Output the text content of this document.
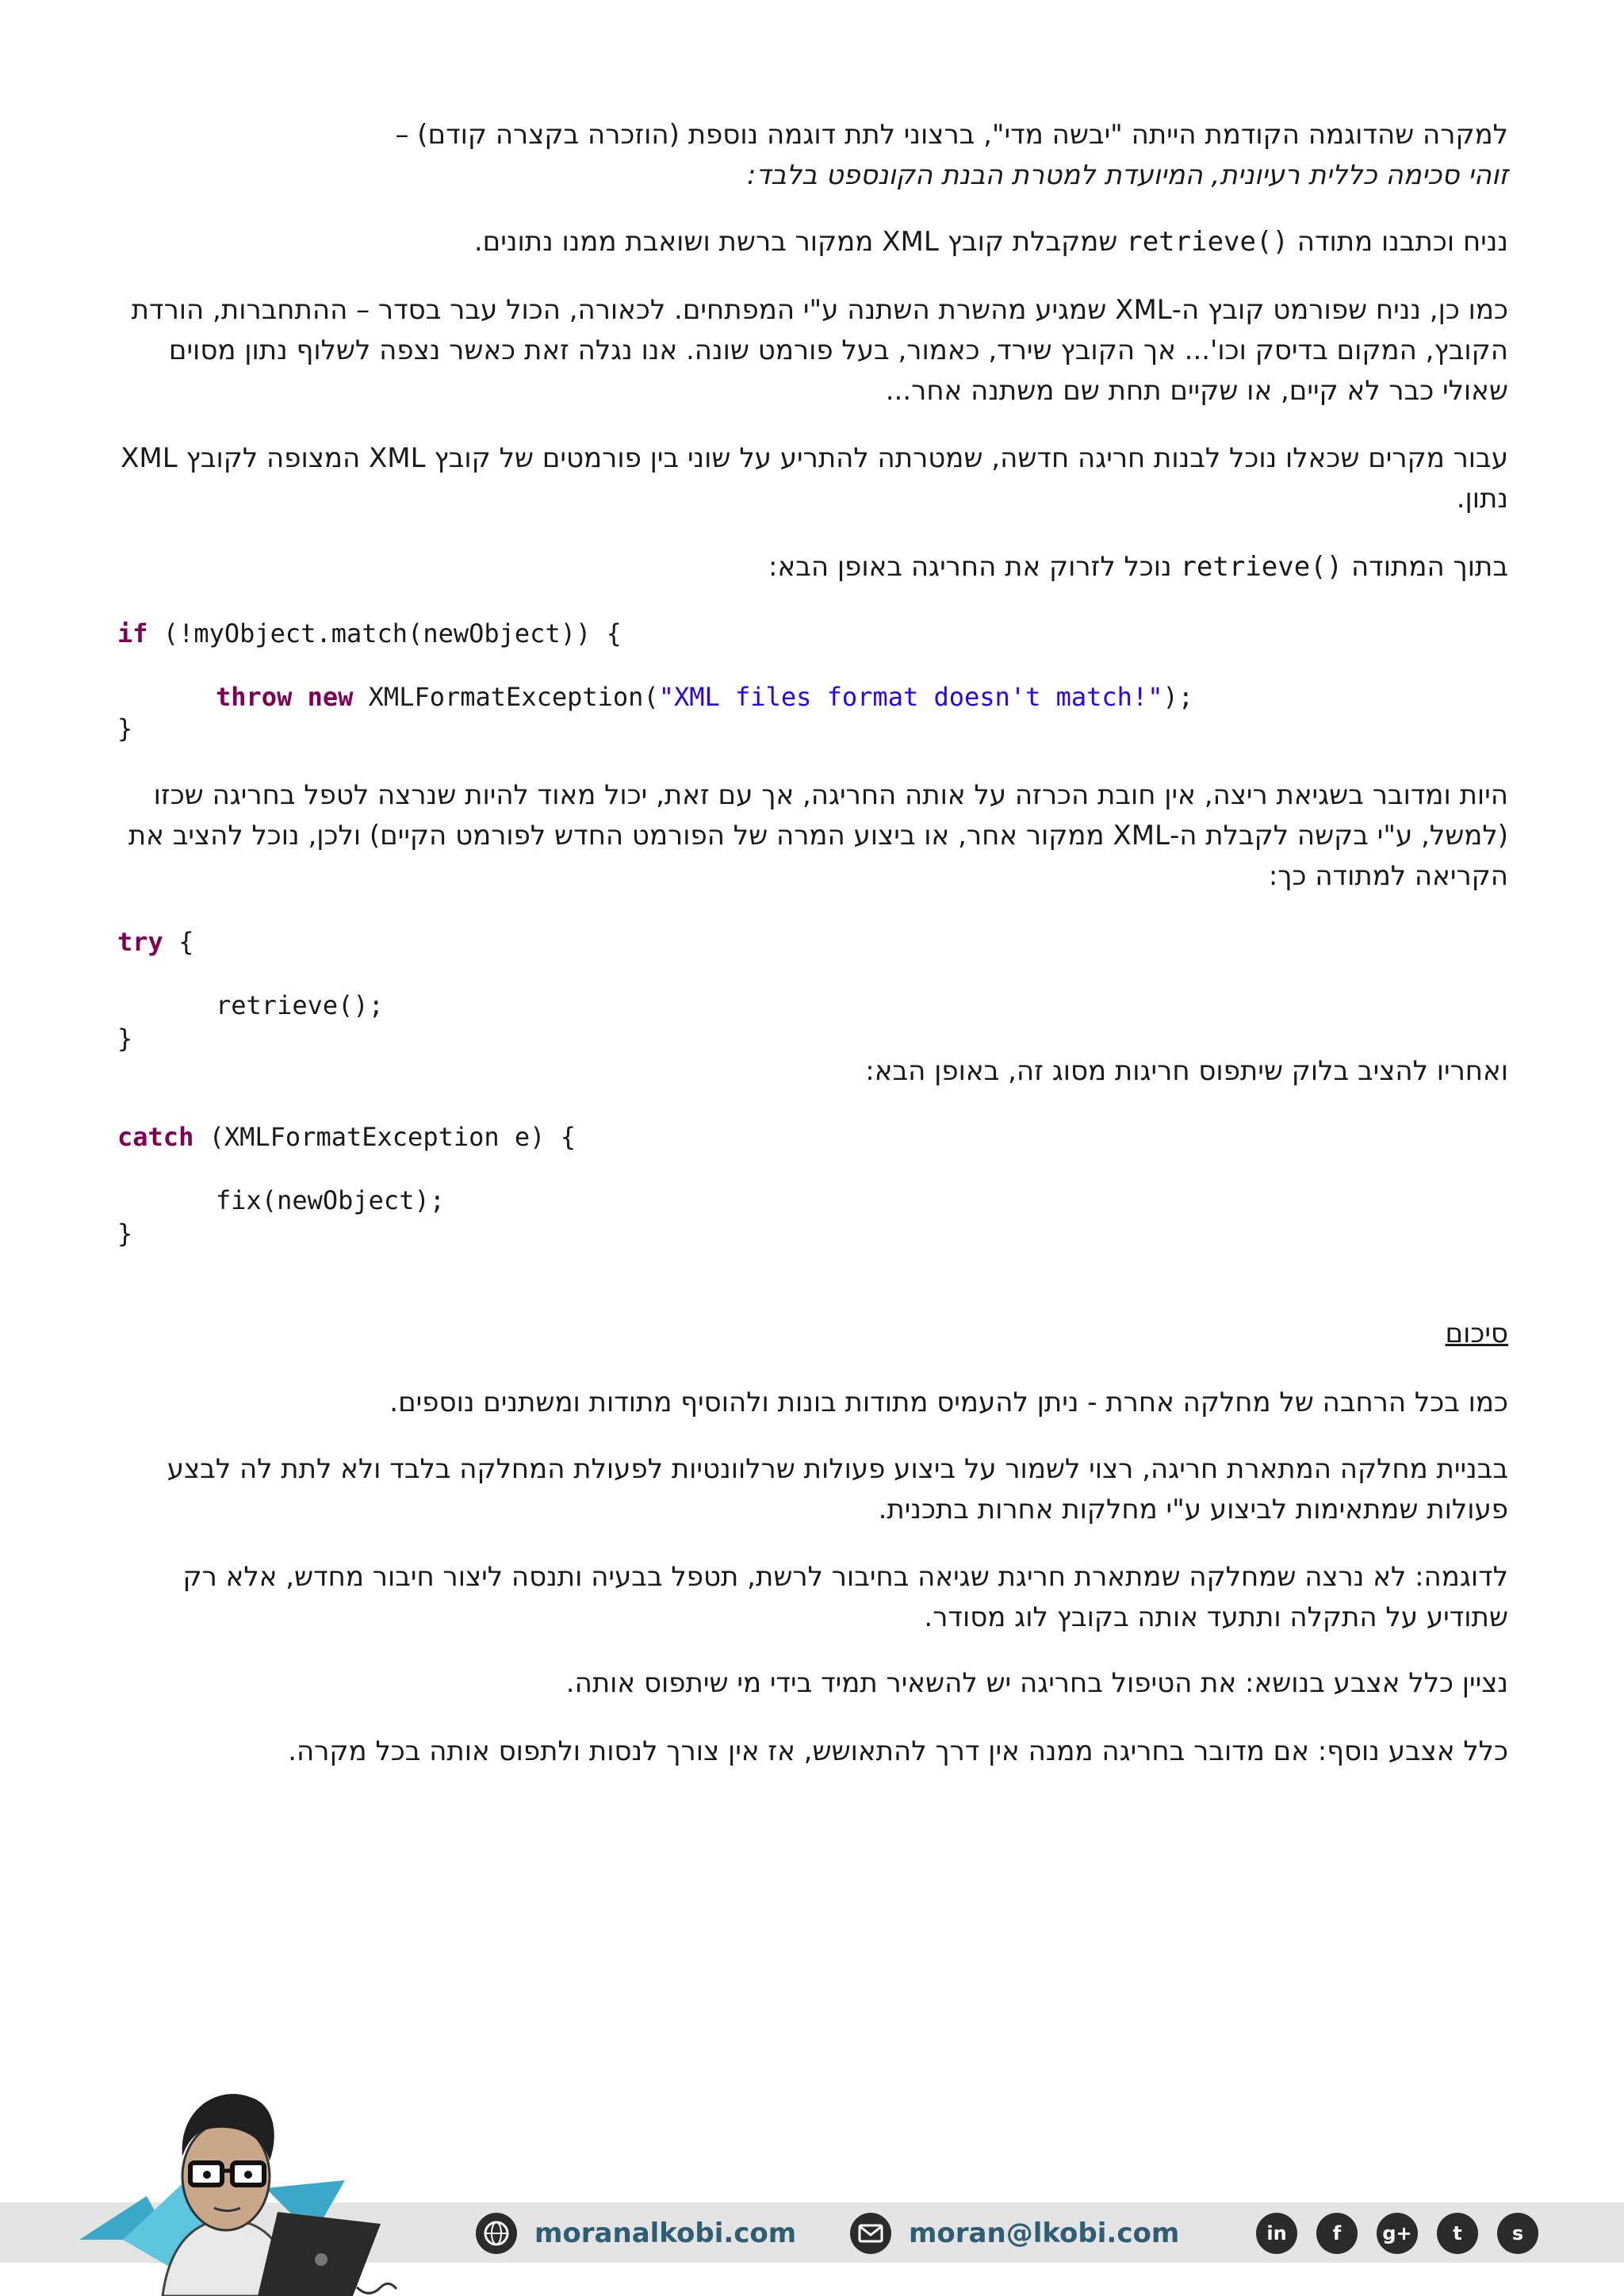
למקרה שהדוגמה הקודמת הייתה "יבשה מדי", ברצוני לתת דוגמה נוספת (הוזכרה בקצרה קודם) –
זוהי סכימה כללית רעיונית, המיועדת למטרת הבנת הקונספט בלבד:

נניח וכתבנו מתודה retrieve() שמקבלת קובץ XML ממקור ברשת ושואבת ממנו נתונים.

כמו כן, נניח שפורמט קובץ ה-XML שמגיע מהשרת השתנה ע"י המפתחים. לכאורה, הכול עבר בסדר – ההתחברות, הורדת הקובץ, המקום בדיסק וכו'... אך הקובץ שירד, כאמור, בעל פורמט שונה. אנו נגלה זאת כאשר נצפה לשלוף נתון מסוים שאולי כבר לא קיים, או שקיים תחת שם משתנה אחר...

עבור מקרים שכאלו נוכל לבנות חריגה חדשה, שמטרתה להתריע על שוני בין פורמטים של קובץ XML המצופה לקובץ XML נתון.

בתוך המתודה retrieve() נוכל לזרוק את החריגה באופן הבא:

if (!myObject.match(newObject)) {
throw new XMLFormatException("XML files format doesn't match!");
}

היות ומדובר בשגיאת ריצה, אין חובת הכרזה על אותה החריגה, אך עם זאת, יכול מאוד להיות שנרצה לטפל בחריגה שכזו (למשל, ע"י בקשה לקבלת ה-XML ממקור אחר, או ביצוע המרה של הפורמט החדש לפורמט הקיים) ולכן, נוכל להציב את הקריאה למתודה כך:

try {
retrieve();
}

ואחריו להציב בלוק שיתפוס חריגות מסוג זה, באופן הבא:

catch (XMLFormatException e) {
fix(newObject);
}
סיכום

כמו בכל הרחבה של מחלקה אחרת - ניתן להעמיס מתודות בונות ולהוסיף מתודות ומשתנים נוספים.

בבניית מחלקה המתארת חריגה, רצוי לשמור על ביצוע פעולות שרלוונטיות לפעולת המחלקה בלבד ולא לתת לה לבצע פעולות שמתאימות לביצוע ע"י מחלקות אחרות בתכנית.

לדוגמה: לא נרצה שמחלקה שמתארת חריגת שגיאה בחיבור לרשת, תטפל בבעיה ותנסה ליצור חיבור מחדש, אלא רק שתודיע על התקלה ותתעד אותה בקובץ לוג מסודר.

נציין כלל אצבע בנושא: את הטיפול בחריגה יש להשאיר תמיד בידי מי שיתפוס אותה.

כלל אצבע נוסף: אם מדובר בחריגה ממנה אין דרך להתאושש, אז אין צורך לנסות ולתפוס אותה בכל מקרה.

moranalkobi.com	moran@lkobi.com	in	f	g+	t	s
